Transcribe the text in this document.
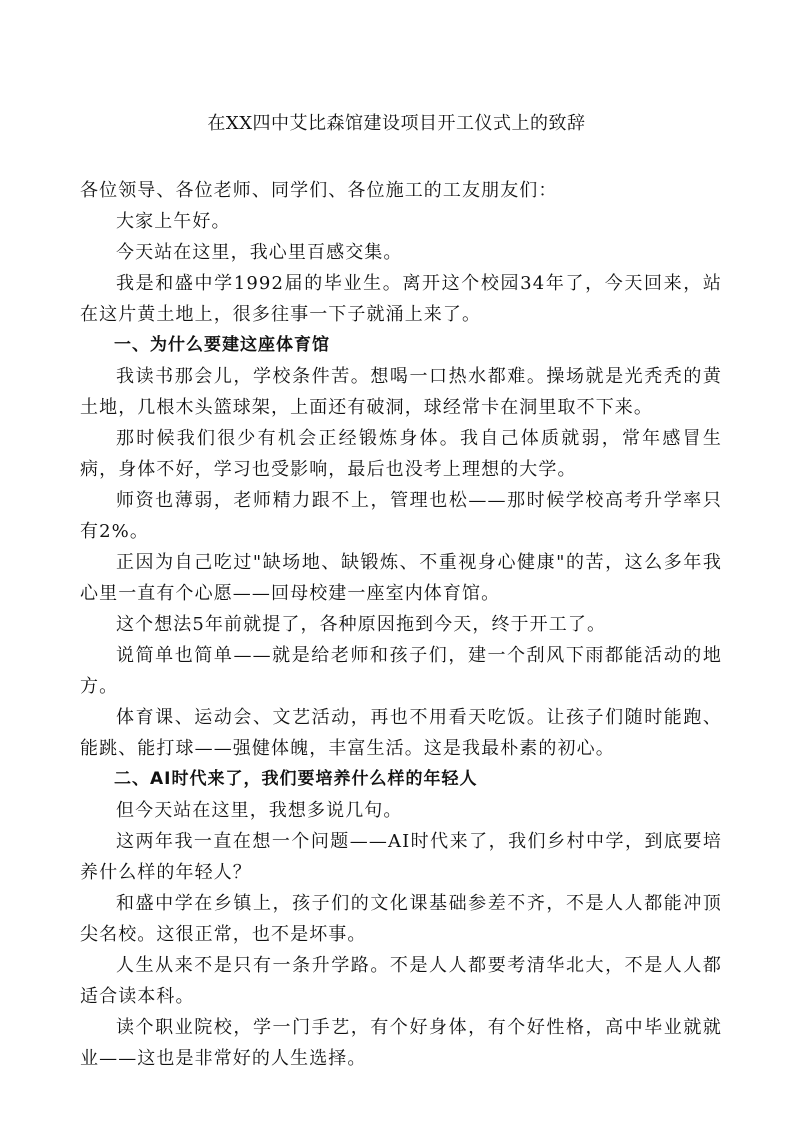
在XX四中艾比森馆建设项目开工仪式上的致辞

各位领导、各位老师、同学们、各位施工的工友朋友们：

大家上午好。

今天站在这里，我心里百感交集。

我是和盛中学1992届的毕业生。离开这个校园34年了，今天回来，站在这片黄土地上，很多往事一下子就涌上来了。

一、为什么要建这座体育馆

我读书那会儿，学校条件苦。想喝一口热水都难。操场就是光秃秃的黄土地，几根木头篮球架，上面还有破洞，球经常卡在洞里取不下来。

那时候我们很少有机会正经锻炼身体。我自己体质就弱，常年感冒生病，身体不好，学习也受影响，最后也没考上理想的大学。

师资也薄弱，老师精力跟不上，管理也松——那时候学校高考升学率只有2%。

正因为自己吃过"缺场地、缺锻炼、不重视身心健康"的苦，这么多年我心里一直有个心愿——回母校建一座室内体育馆。

这个想法5年前就提了，各种原因拖到今天，终于开工了。

说简单也简单——就是给老师和孩子们，建一个刮风下雨都能活动的地方。

体育课、运动会、文艺活动，再也不用看天吃饭。让孩子们随时能跑、能跳、能打球——强健体魄，丰富生活。这是我最朴素的初心。

二、AI时代来了，我们要培养什么样的年轻人

但今天站在这里，我想多说几句。

这两年我一直在想一个问题——AI时代来了，我们乡村中学，到底要培养什么样的年轻人？

和盛中学在乡镇上，孩子们的文化课基础参差不齐，不是人人都能冲顶尖名校。这很正常，也不是坏事。

人生从来不是只有一条升学路。不是人人都要考清华北大，不是人人都适合读本科。

读个职业院校，学一门手艺，有个好身体，有个好性格，高中毕业就就业——这也是非常好的人生选择。
